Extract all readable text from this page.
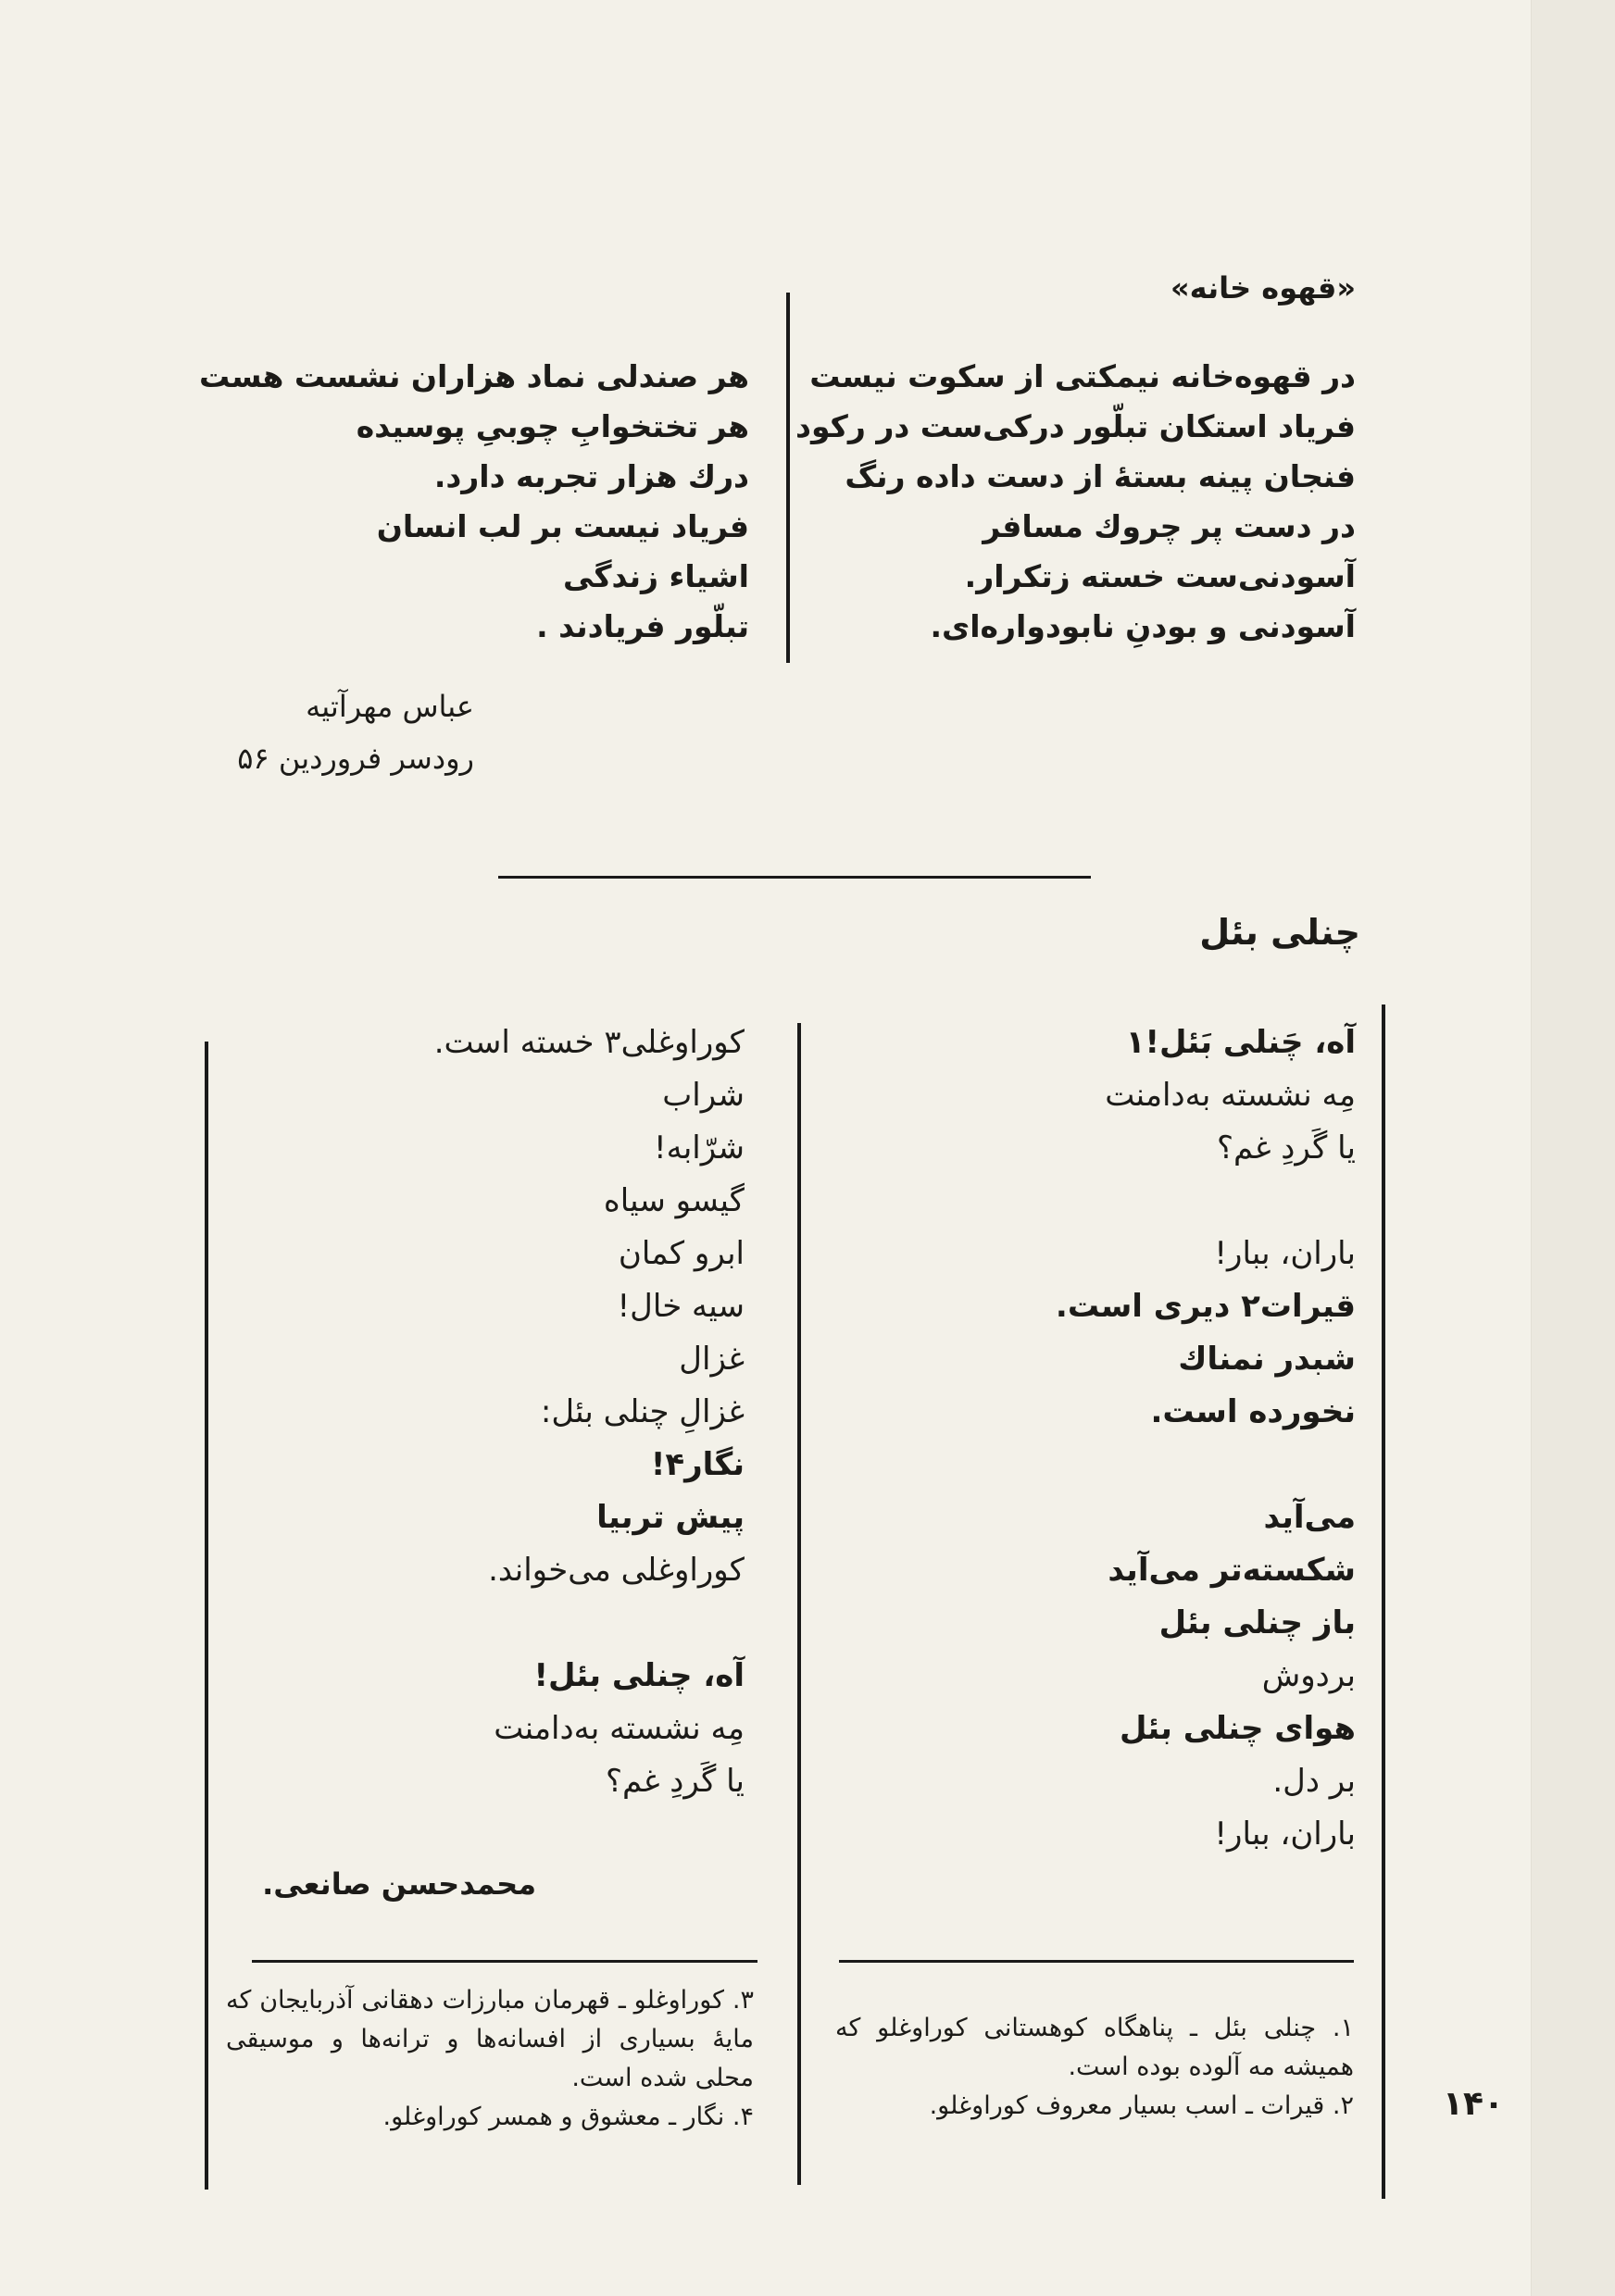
«قهوه خانه»
در قهوه‌خانه نیمکتی از سکوت نیست
فریاد استکان تبلّور درکی‌ست در رکود
فنجان پینه بستۀ از دست داده رنگ
در دست پر چروك مسافر
آسودنی‌ست خسته زتکرار.
آسودنی و بودنِ نابودواره‌ای.
هر صندلی نماد هزاران نشست هست
هر تختخوابِ چوبیِ پوسیده
درك هزار تجربه دارد.
فریاد نیست بر لب انسان
اشیاء زندگی
تبلّور فریادند .
عباس مهرآتیه
رودسر فروردین ۵۶
چنلی بئل
آه، چَنلی بَئل!۱
مِه نشسته به‌دامنت
یا گَردِ غم؟

باران، ببار!
قیرات۲ دیری است.
شبدر نمناك
نخورده است.

می‌آید
شکسته‌تر می‌آید
باز چنلی بئل
بردوش
هوای چنلی بئل
بر دل.
باران، ببار!
کوراوغلی۳ خسته است.
شراب
شرّابه!
گیسو سیاه
ابرو کمان
سیه خال!
غزال
غزالِ چنلی بئل:
نگار۴!
پیش تربیا
کوراوغلی می‌خواند.

آه، چنلی بئل!
مِه نشسته به‌دامنت
یا گَردِ غم؟
محمدحسن صانعی.
۱. چنلی بئل ـ پناهگاه کوهستانی کوراوغلو که همیشه مه آلوده بوده است.
۲. قیرات ـ اسب بسیار معروف کوراوغلو.
۳. کوراوغلو ـ قهرمان مبارزات دهقانی آذربایجان که مایۀ بسیاری از افسانه‌ها و ترانه‌ها و موسیقی محلی شده است.
۴. نگار ـ معشوق و همسر کوراوغلو.	۱۴۰
